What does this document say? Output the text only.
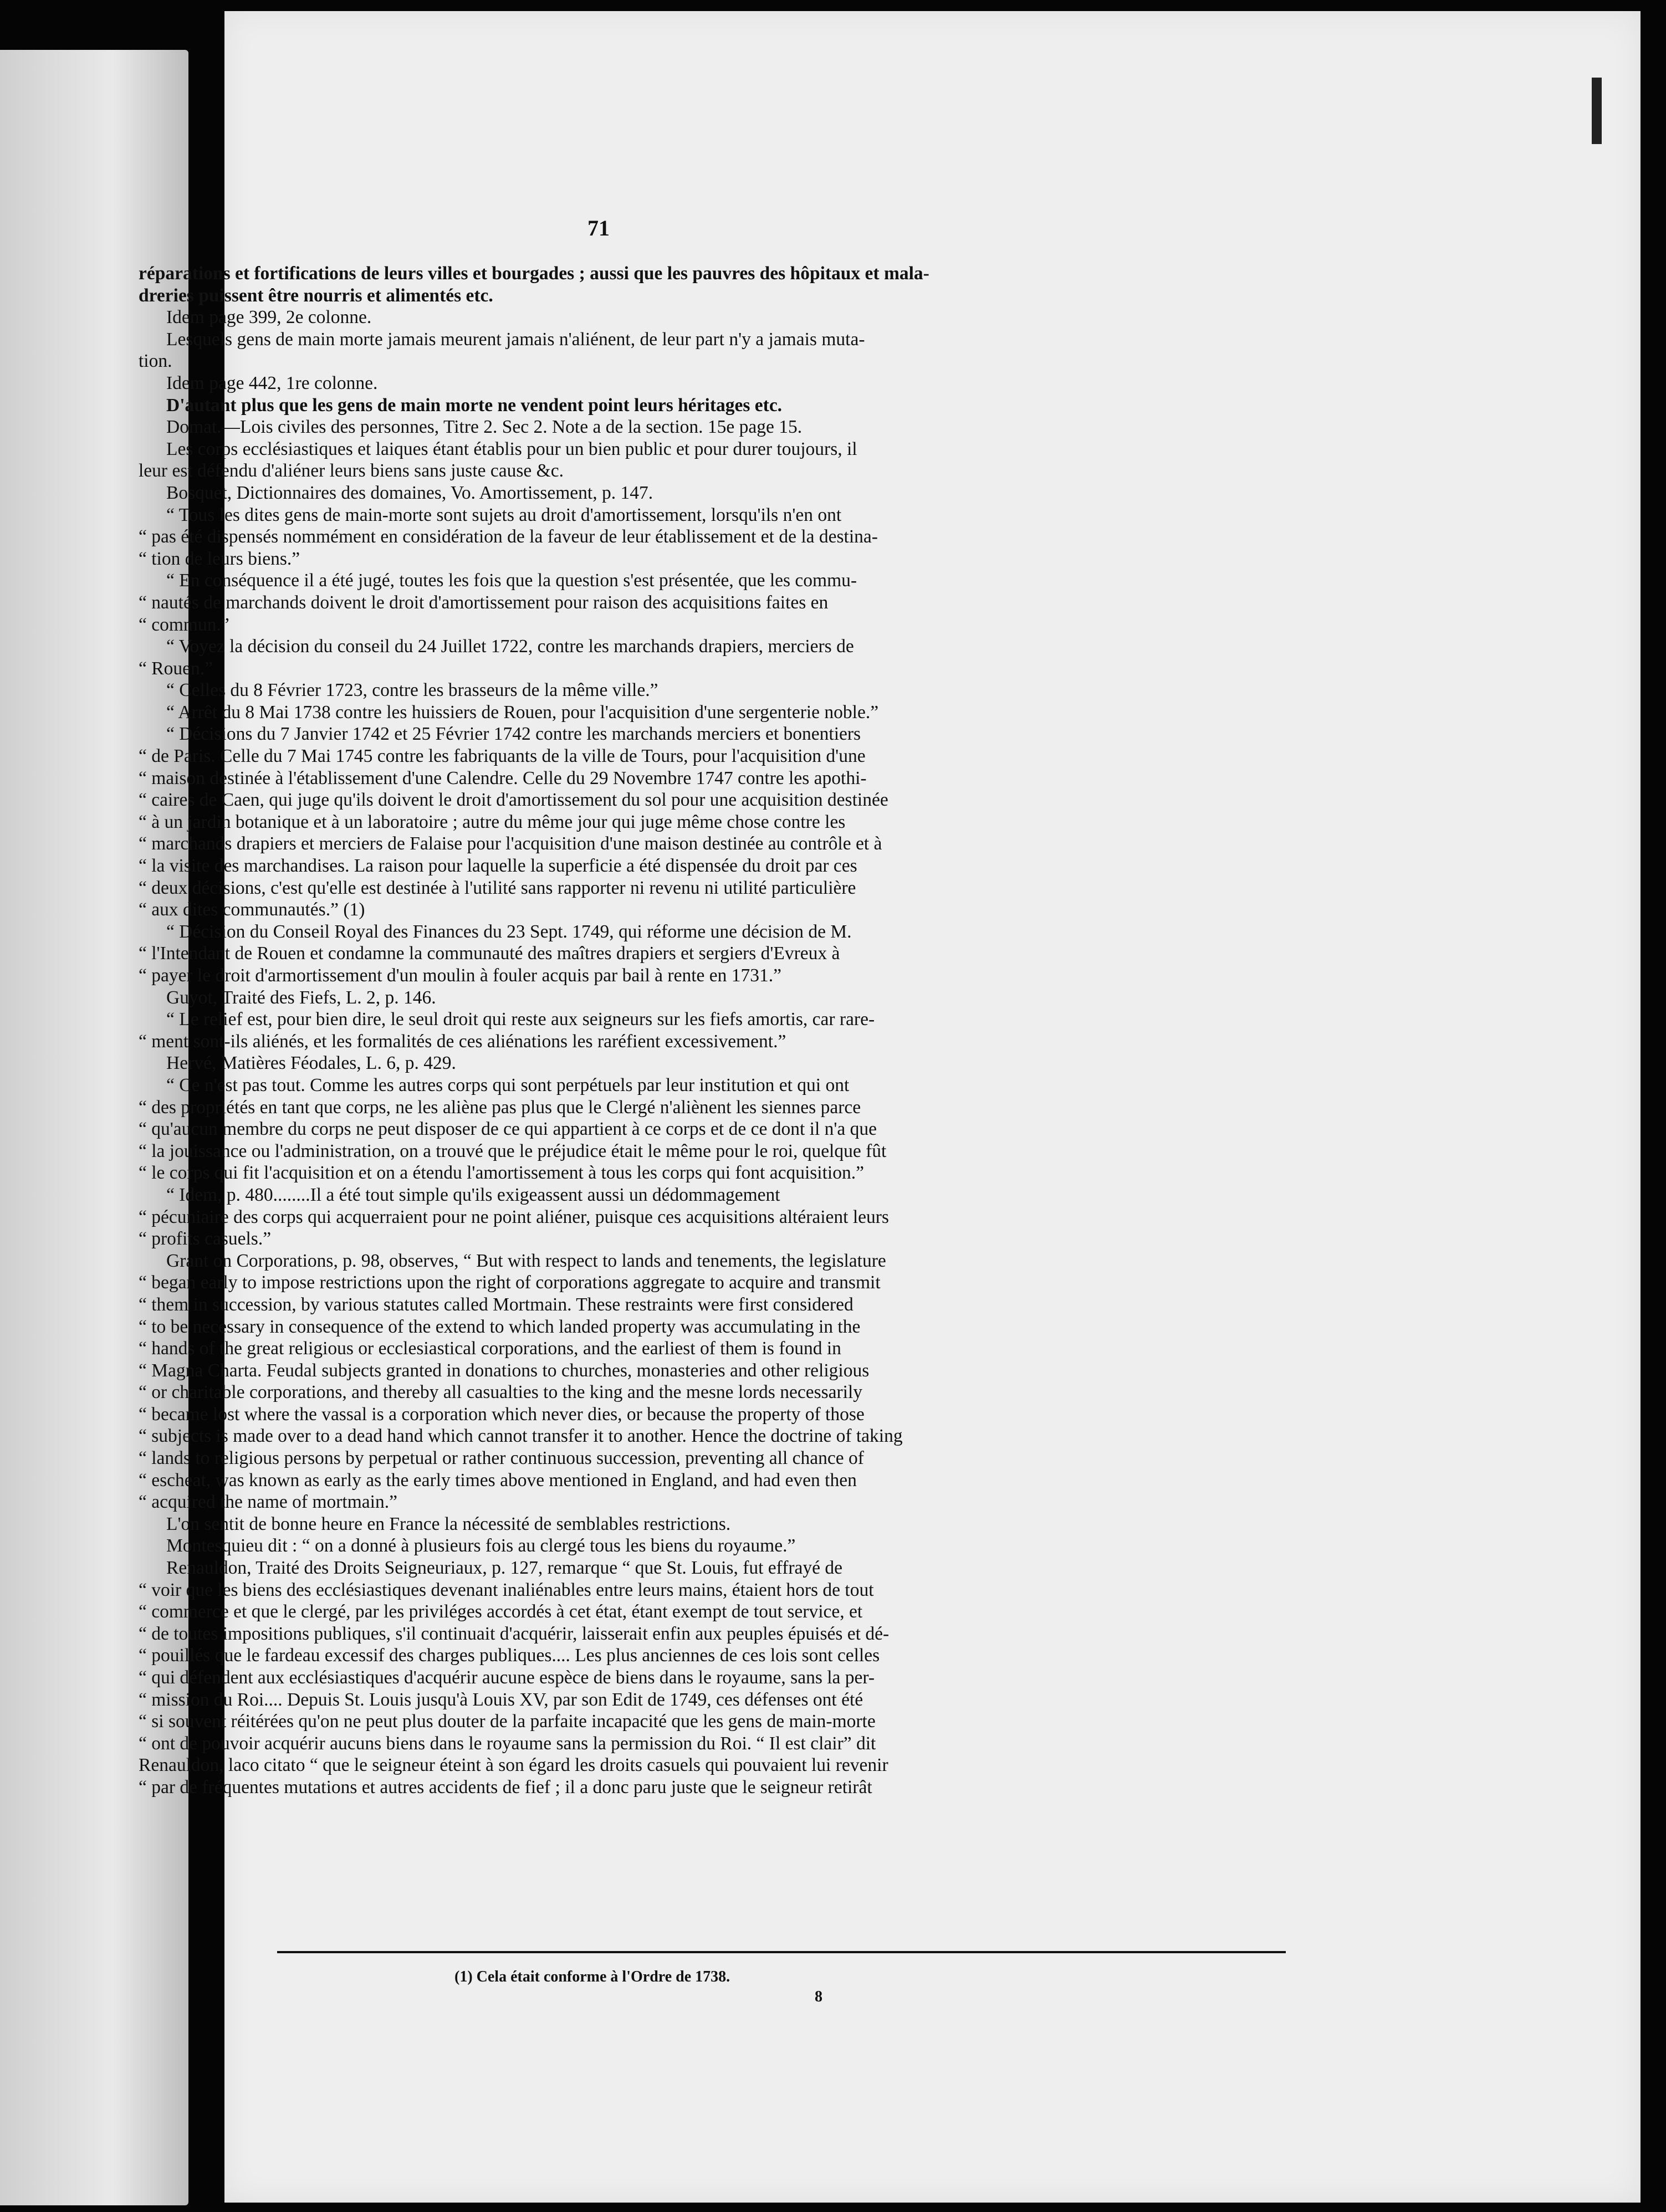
71

réparations et fortifications de leurs villes et bourgades ; aussi que les pauvres des hôpitaux et mala-

dreries puissent être nourris et alimentés etc.

Idem page 399, 2e colonne.

Lesquels gens de main morte jamais meurent jamais n'aliénent, de leur part n'y a jamais muta-

tion.

Idem page 442, 1re colonne.

D'autant plus que les gens de main morte ne vendent point leurs héritages etc.

Domat.—Lois civiles des personnes, Titre 2. Sec 2. Note a de la section. 15e page 15.

Les corps ecclésiastiques et laiques étant établis pour un bien public et pour durer toujours, il

leur est défendu d'aliéner leurs biens sans juste cause &c.

Bosquet, Dictionnaires des domaines, Vo. Amortissement, p. 147.

“ Tous les dites gens de main-morte sont sujets au droit d'amortissement, lorsqu'ils n'en ont

“ pas été dispensés nommément en considération de la faveur de leur établissement et de la destina-

“ tion de leurs biens.”

“ En conséquence il a été jugé, toutes les fois que la question s'est présentée, que les commu-

“ nautés de marchands doivent le droit d'amortissement pour raison des acquisitions faites en

“ commun.”

“ Voyez la décision du conseil du 24 Juillet 1722, contre les marchands drapiers, merciers de

“ Rouen.”

“ Celles du 8 Février 1723, contre les brasseurs de la même ville.”

“ Arrêt du 8 Mai 1738 contre les huissiers de Rouen, pour l'acquisition d'une sergenterie noble.”

“ Décisions du 7 Janvier 1742 et 25 Février 1742 contre les marchands merciers et bonentiers

“ de Paris. Celle du 7 Mai 1745 contre les fabriquants de la ville de Tours, pour l'acquisition d'une

“ maison destinée à l'établissement d'une Calendre. Celle du 29 Novembre 1747 contre les apothi-

“ caires de Caen, qui juge qu'ils doivent le droit d'amortissement du sol pour une acquisition destinée

“ à un jardin botanique et à un laboratoire ; autre du même jour qui juge même chose contre les

“ marchands drapiers et merciers de Falaise pour l'acquisition d'une maison destinée au contrôle et à

“ la visite des marchandises. La raison pour laquelle la superficie a été dispensée du droit par ces

“ deux décisions, c'est qu'elle est destinée à l'utilité sans rapporter ni revenu ni utilité particulière

“ aux dites communautés.” (1)

“ Décision du Conseil Royal des Finances du 23 Sept. 1749, qui réforme une décision de M.

“ l'Intendant de Rouen et condamne la communauté des maîtres drapiers et sergiers d'Evreux à

“ payer le droit d'armortissement d'un moulin à fouler acquis par bail à rente en 1731.”

Guyot, Traité des Fiefs, L. 2, p. 146.

“ Le relief est, pour bien dire, le seul droit qui reste aux seigneurs sur les fiefs amortis, car rare-

“ ment sont-ils aliénés, et les formalités de ces aliénations les raréfient excessivement.”

Hervé, Matières Féodales, L. 6, p. 429.

“ Ce n'est pas tout. Comme les autres corps qui sont perpétuels par leur institution et qui ont

“ des propriétés en tant que corps, ne les aliène pas plus que le Clergé n'aliènent les siennes parce

“ qu'aucun membre du corps ne peut disposer de ce qui appartient à ce corps et de ce dont il n'a que

“ la jouissance ou l'administration, on a trouvé que le préjudice était le même pour le roi, quelque fût

“ le corps qui fit l'acquisition et on a étendu l'amortissement à tous les corps qui font acquisition.”

“ Idem, p. 480........Il a été tout simple qu'ils exigeassent aussi un dédommagement

“ pécuniaire des corps qui acquerraient pour ne point aliéner, puisque ces acquisitions altéraient leurs

“ profits casuels.”

Grant on Corporations, p. 98, observes, “ But with respect to lands and tenements, the legislature

“ began early to impose restrictions upon the right of corporations aggregate to acquire and transmit

“ them in succession, by various statutes called Mortmain. These restraints were first considered

“ to be necessary in consequence of the extend to which landed property was accumulating in the

“ hands of the great religious or ecclesiastical corporations, and the earliest of them is found in

“ Magna Charta. Feudal subjects granted in donations to churches, monasteries and other religious

“ or charitable corporations, and thereby all casualties to the king and the mesne lords necessarily

“ became lost where the vassal is a corporation which never dies, or because the property of those

“ subjects is made over to a dead hand which cannot transfer it to another. Hence the doctrine of taking

“ lands to religious persons by perpetual or rather continuous succession, preventing all chance of

“ escheat, was known as early as the early times above mentioned in England, and had even then

“ acquired the name of mortmain.”

L'on sentit de bonne heure en France la nécessité de semblables restrictions.

Montesquieu dit : “ on a donné à plusieurs fois au clergé tous les biens du royaume.”

Renauldon, Traité des Droits Seigneuriaux, p. 127, remarque “ que St. Louis, fut effrayé de

“ voir que les biens des ecclésiastiques devenant inaliénables entre leurs mains, étaient hors de tout

“ commerce et que le clergé, par les priviléges accordés à cet état, étant exempt de tout service, et

“ de toutes impositions publiques, s'il continuait d'acquérir, laisserait enfin aux peuples épuisés et dé-

“ pouillés que le fardeau excessif des charges publiques.... Les plus anciennes de ces lois sont celles

“ qui défendent aux ecclésiastiques d'acquérir aucune espèce de biens dans le royaume, sans la per-

“ mission du Roi.... Depuis St. Louis jusqu'à Louis XV, par son Edit de 1749, ces défenses ont été

“ si souvent réitérées qu'on ne peut plus douter de la parfaite incapacité que les gens de main-morte

“ ont de pouvoir acquérir aucuns biens dans le royaume sans la permission du Roi. “ Il est clair” dit

Renauldon, laco citato “ que le seigneur éteint à son égard les droits casuels qui pouvaient lui revenir

“ par de fréquentes mutations et autres accidents de fief ; il a donc paru juste que le seigneur retirât

(1) Cela était conforme à l'Ordre de 1738.
8
